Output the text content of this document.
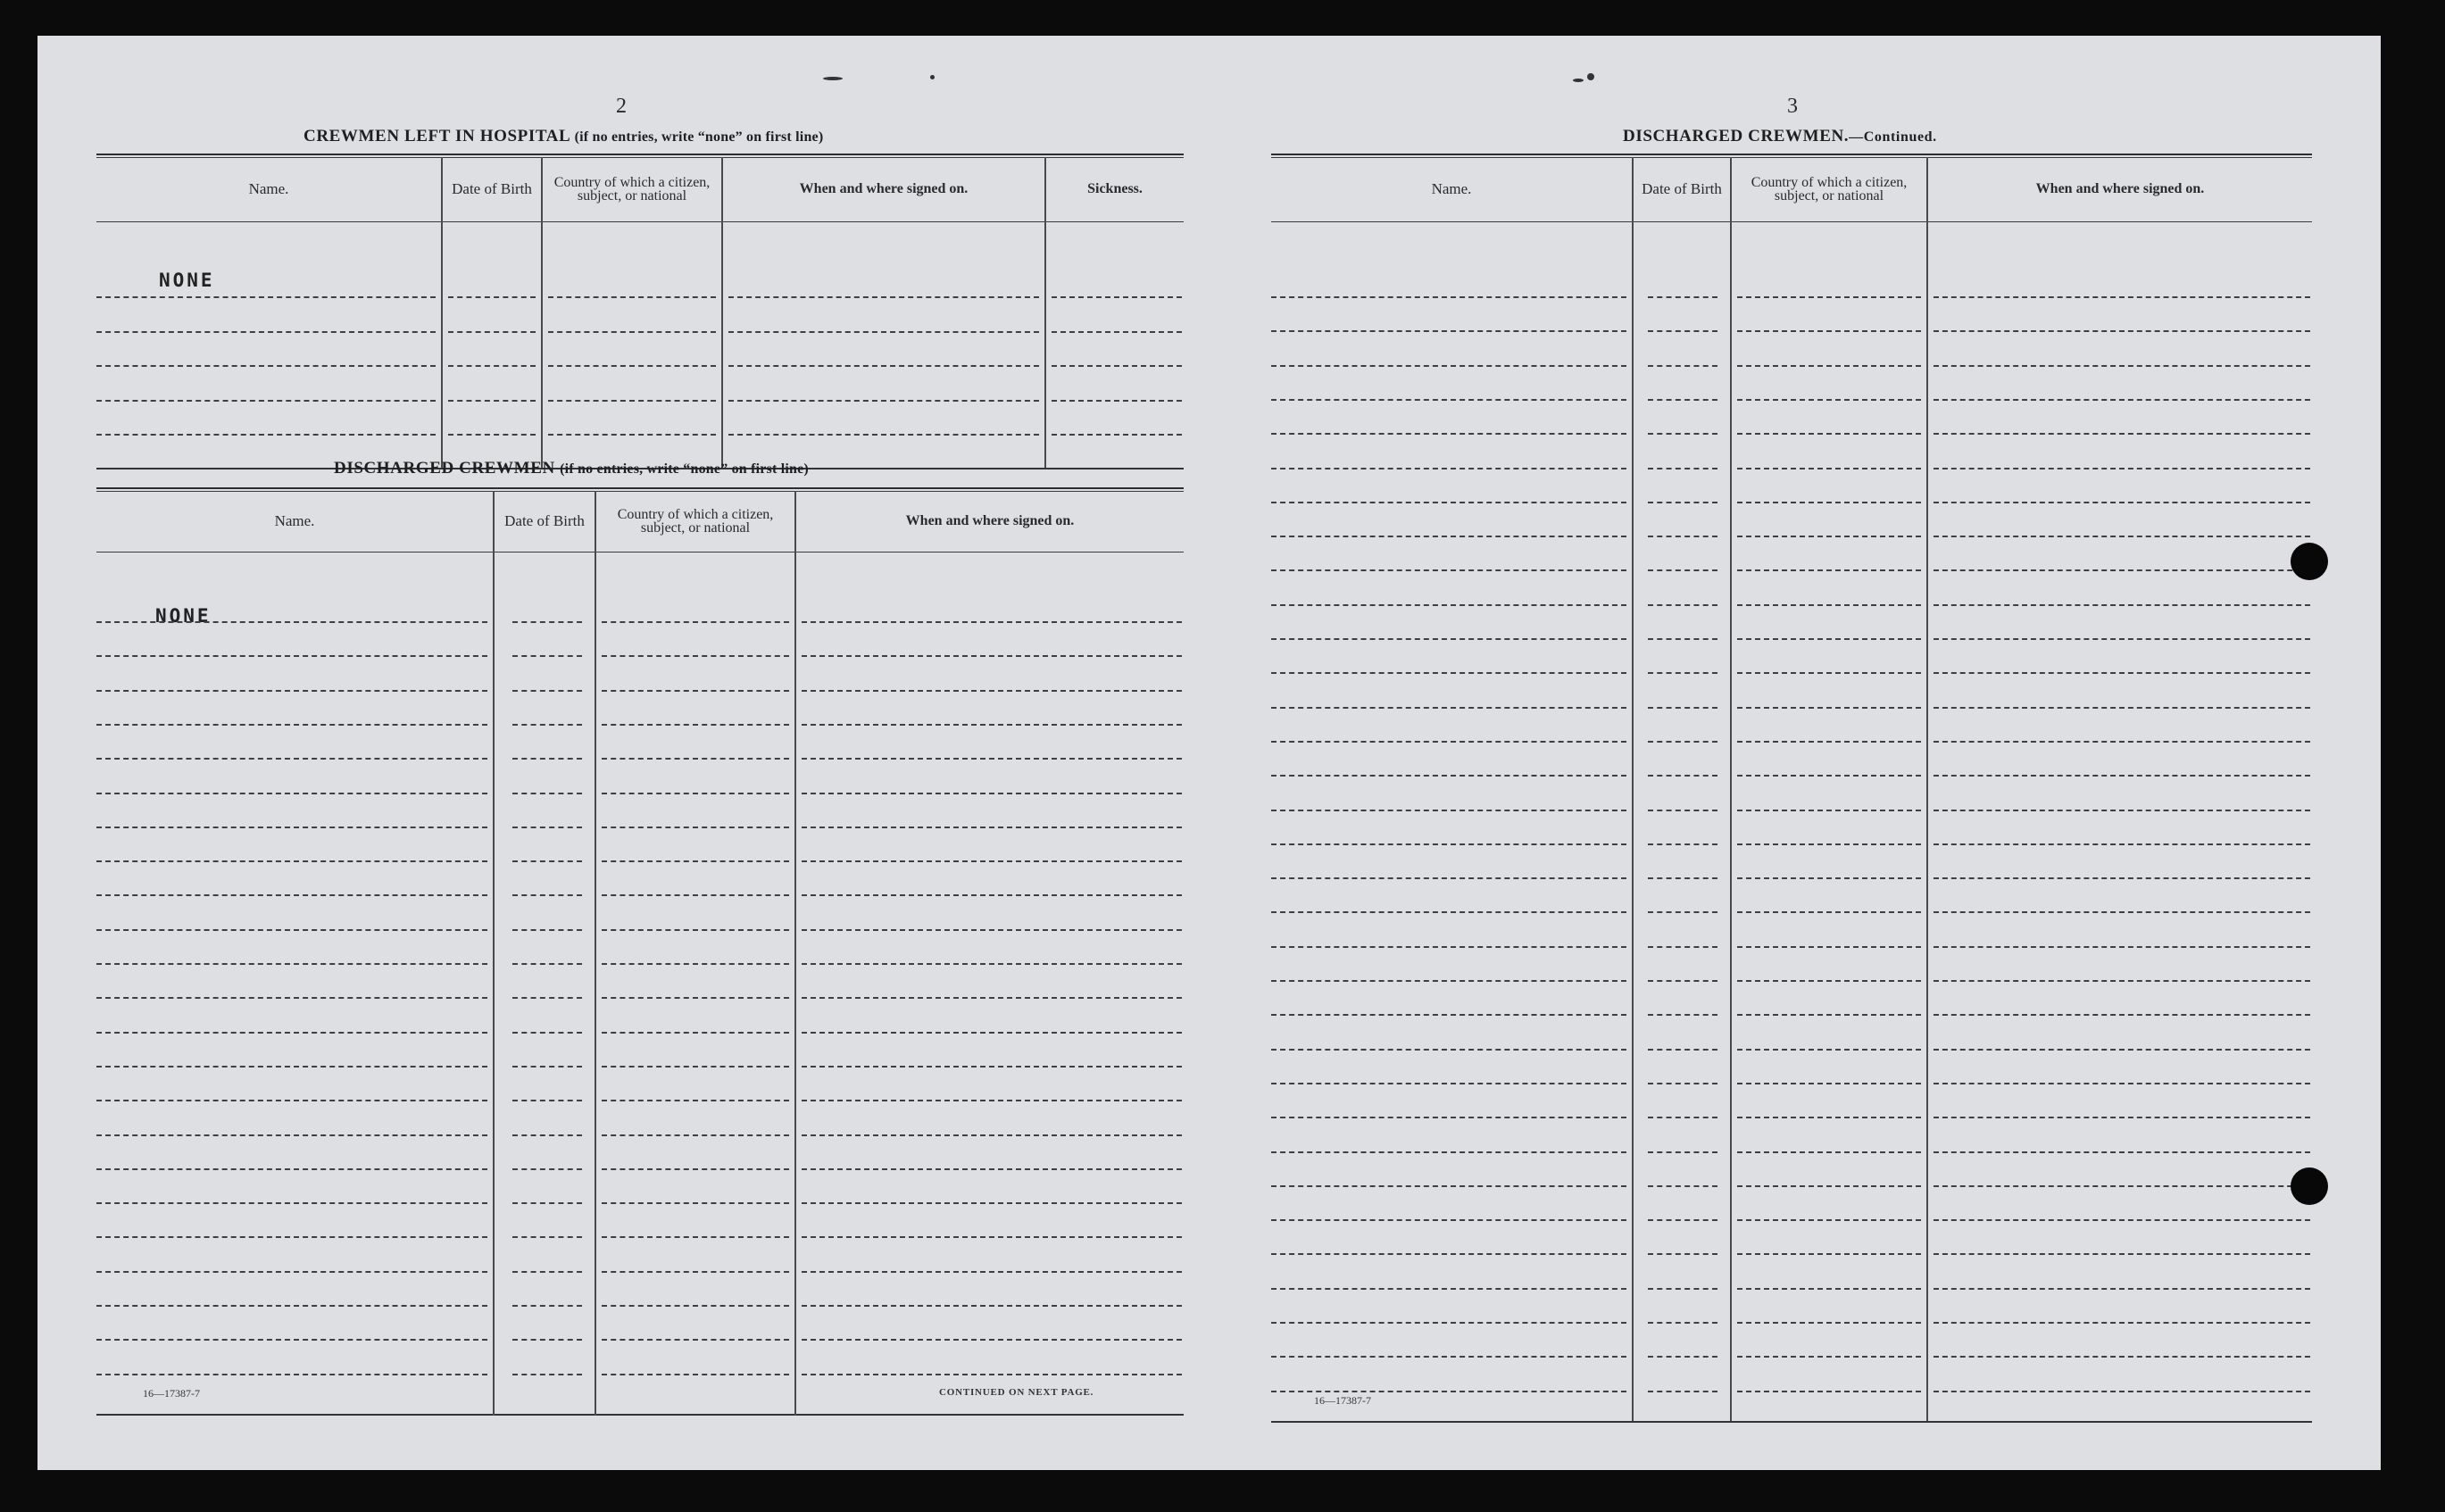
2
CREWMEN LEFT IN HOSPITAL (if no entries, write “none” on first line)
Name.	Date of Birth	Country of which a citizen, subject, or national	When and where signed on.	Sickness.
NONE
DISCHARGED CREWMEN (if no entries, write “none” on first line)
Name.	Date of Birth	Country of which a citizen, subject, or national	When and where signed on.
NONE
16—17387-7	CONTINUED ON NEXT PAGE.
3
DISCHARGED CREWMEN.—Continued.
Name.	Date of Birth	Country of which a citizen, subject, or national	When and where signed on.
16—17387-7
